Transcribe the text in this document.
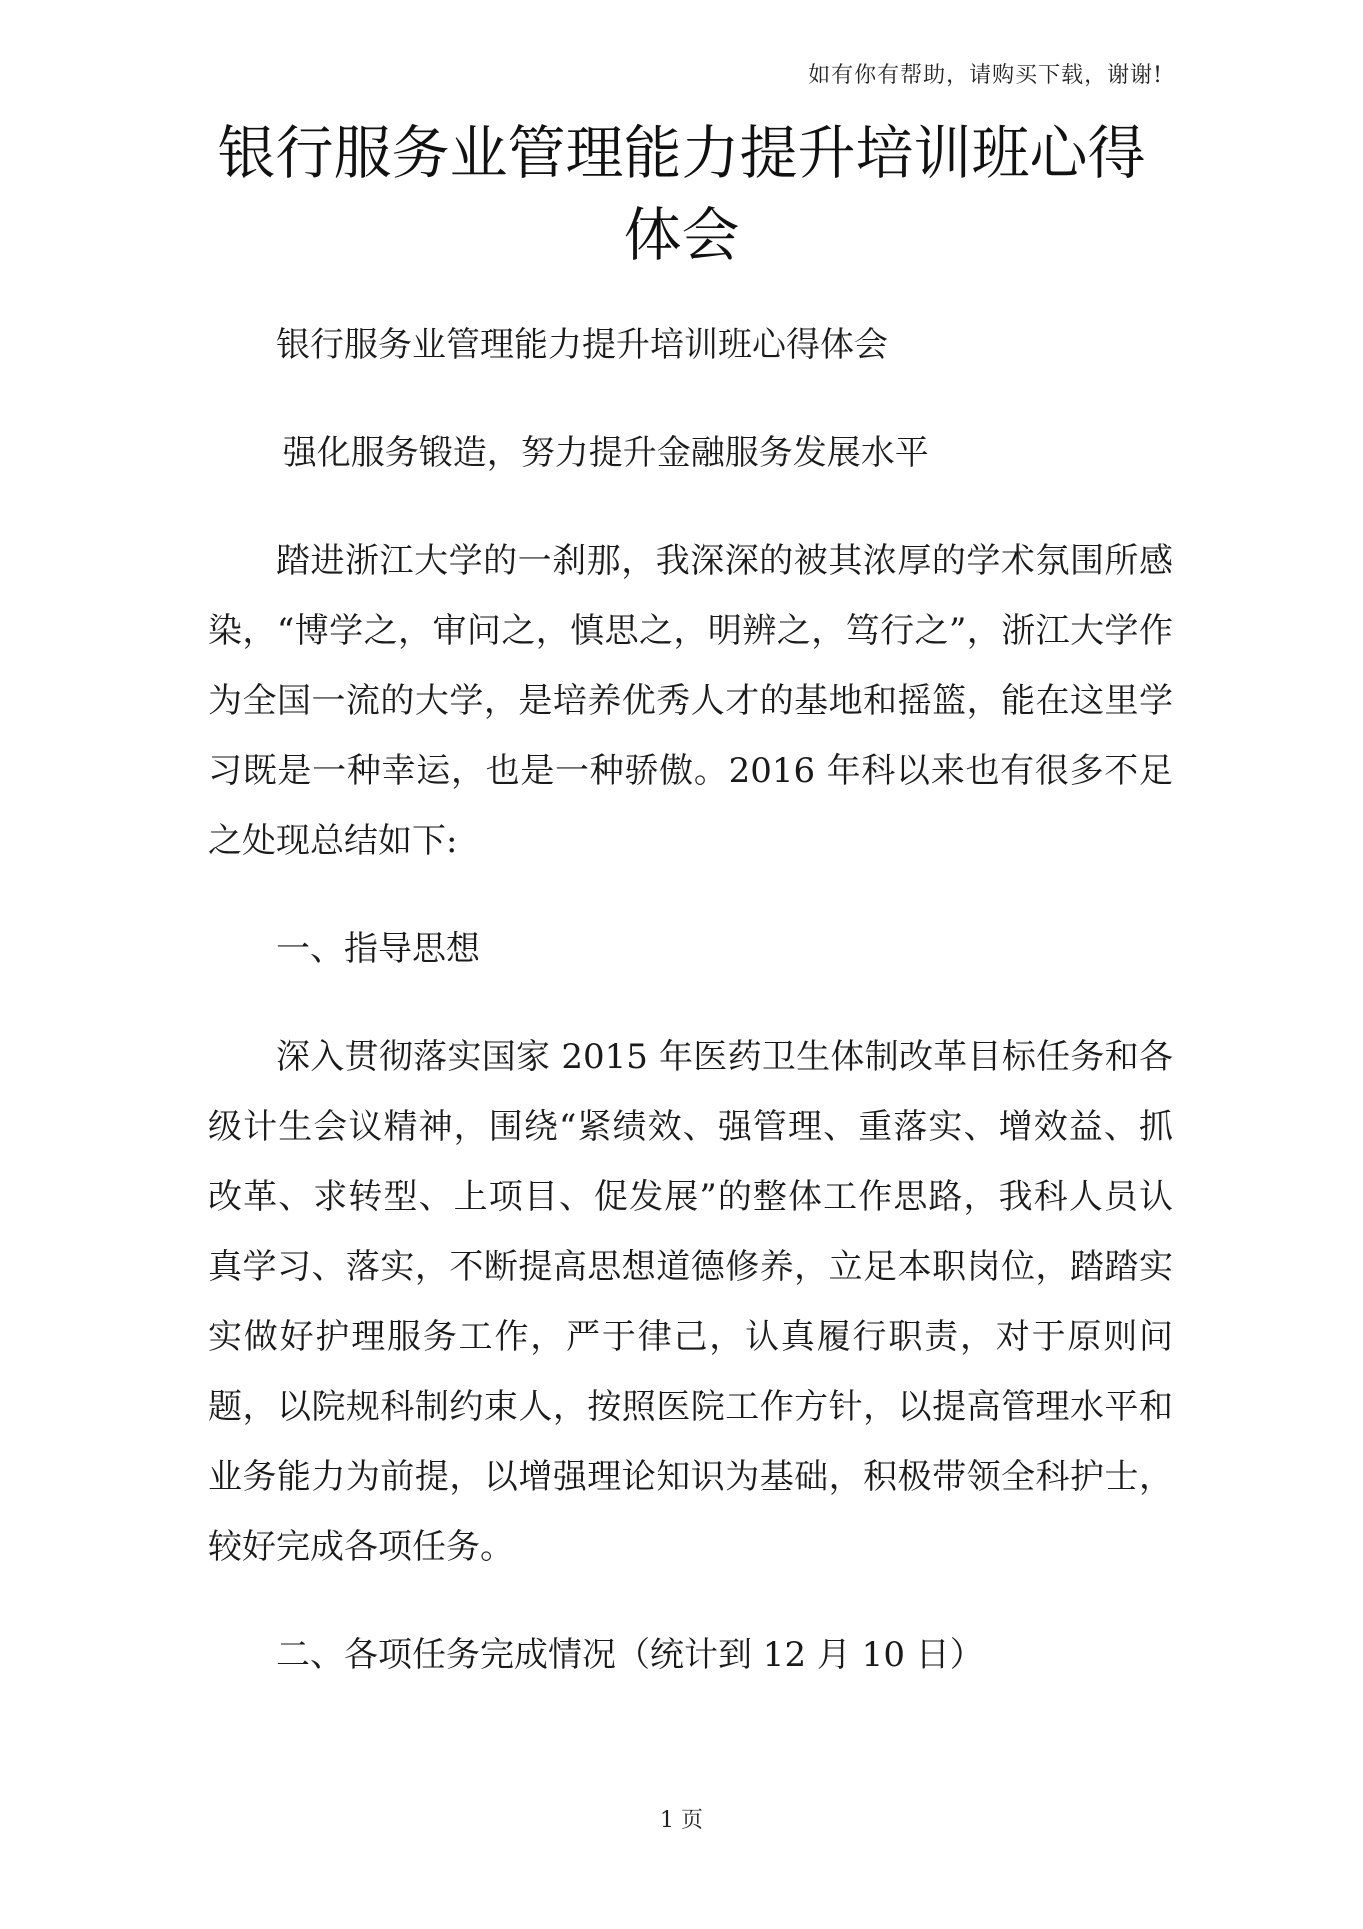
如有你有帮助，请购买下载，谢谢!
银行服务业管理能力提升培训班心得体会

银行服务业管理能力提升培训班心得体会

强化服务锻造，努力提升金融服务发展水平

踏进浙江大学的一刹那，我深深的被其浓厚的学术氛围所感染，“博学之，审问之，慎思之，明辨之，笃行之”，浙江大学作为全国一流的大学，是培养优秀人才的基地和摇篮，能在这里学习既是一种幸运，也是一种骄傲。2016 年科以来也有很多不足之处现总结如下:

一、指导思想

深入贯彻落实国家 2015 年医药卫生体制改革目标任务和各级计生会议精神，围绕“紧绩效、强管理、重落实、增效益、抓改革、求转型、上项目、促发展”的整体工作思路，我科人员认真学习、落实，不断提高思想道德修养，立足本职岗位，踏踏实实做好护理服务工作，严于律己，认真履行职责，对于原则问题，以院规科制约束人，按照医院工作方针，以提高管理水平和业务能力为前提，以增强理论知识为基础，积极带领全科护士，较好完成各项任务。

二、各项任务完成情况（统计到 12 月 10 日）

1 页
